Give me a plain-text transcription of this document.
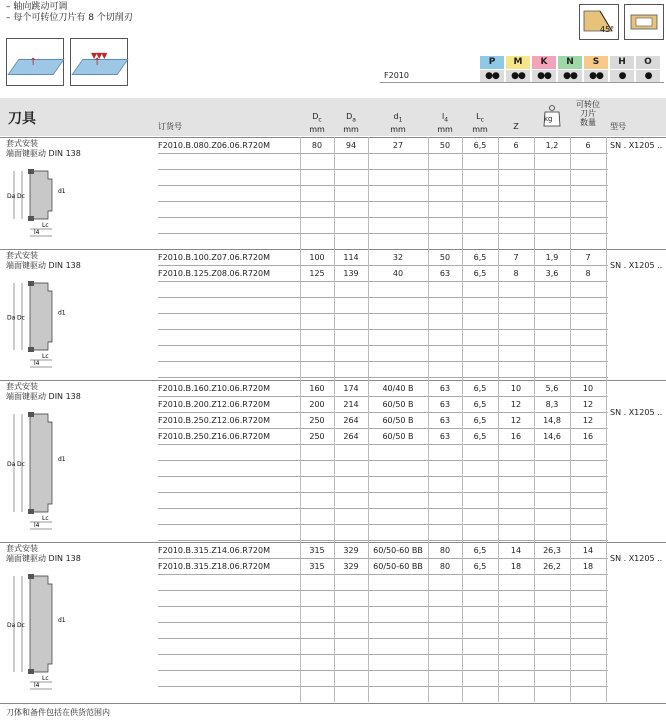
– 轴向跳动可调
– 每个可转位刀片有 8 个切削刃
↑
▼▼▼
↑
45°
P
●●
M
●●
K
●●
N
●●
S
●●
H
●
O
●
F2010
刀具	订货号
$D_c$
mm
$D_a$
mm
$d_1$
mm
$l_4$
mm
$L_c$
mm	Z
kg
可转位
刀片
数量	型号
套式安装
端面键驱动 DIN 138
Da Dc
d1
Lc
l4
SN . X1205 ..
F2010.B.080.Z06.06.R720M	80	94	27	50	6,5	6	1,2	6
套式安装
端面键驱动 DIN 138
Da Dc
d1
Lc
l4
SN . X1205 ..
F2010.B.100.Z07.06.R720M	100	114	32	50	6,5	7	1,9	7
F2010.B.125.Z08.06.R720M	125	139	40	63	6,5	8	3,6	8
套式安装
端面键驱动 DIN 138
Da Dc
d1
Lc
l4
SN . X1205 ..
F2010.B.160.Z10.06.R720M	160	174	40/40 B	63	6,5	10	5,6	10
F2010.B.200.Z12.06.R720M	200	214	60/50 B	63	6,5	12	8,3	12
F2010.B.250.Z12.06.R720M	250	264	60/50 B	63	6,5	12	14,8	12
F2010.B.250.Z16.06.R720M	250	264	60/50 B	63	6,5	16	14,6	16
套式安装
端面键驱动 DIN 138
Da Dc
d1
Lc
l4
SN . X1205 ..
F2010.B.315.Z14.06.R720M	315	329	60/50-60 BB	80	6,5	14	26,3	14
F2010.B.315.Z18.06.R720M	315	329	60/50-60 BB	80	6,5	18	26,2	18
刀体和备件包括在供货范围内
